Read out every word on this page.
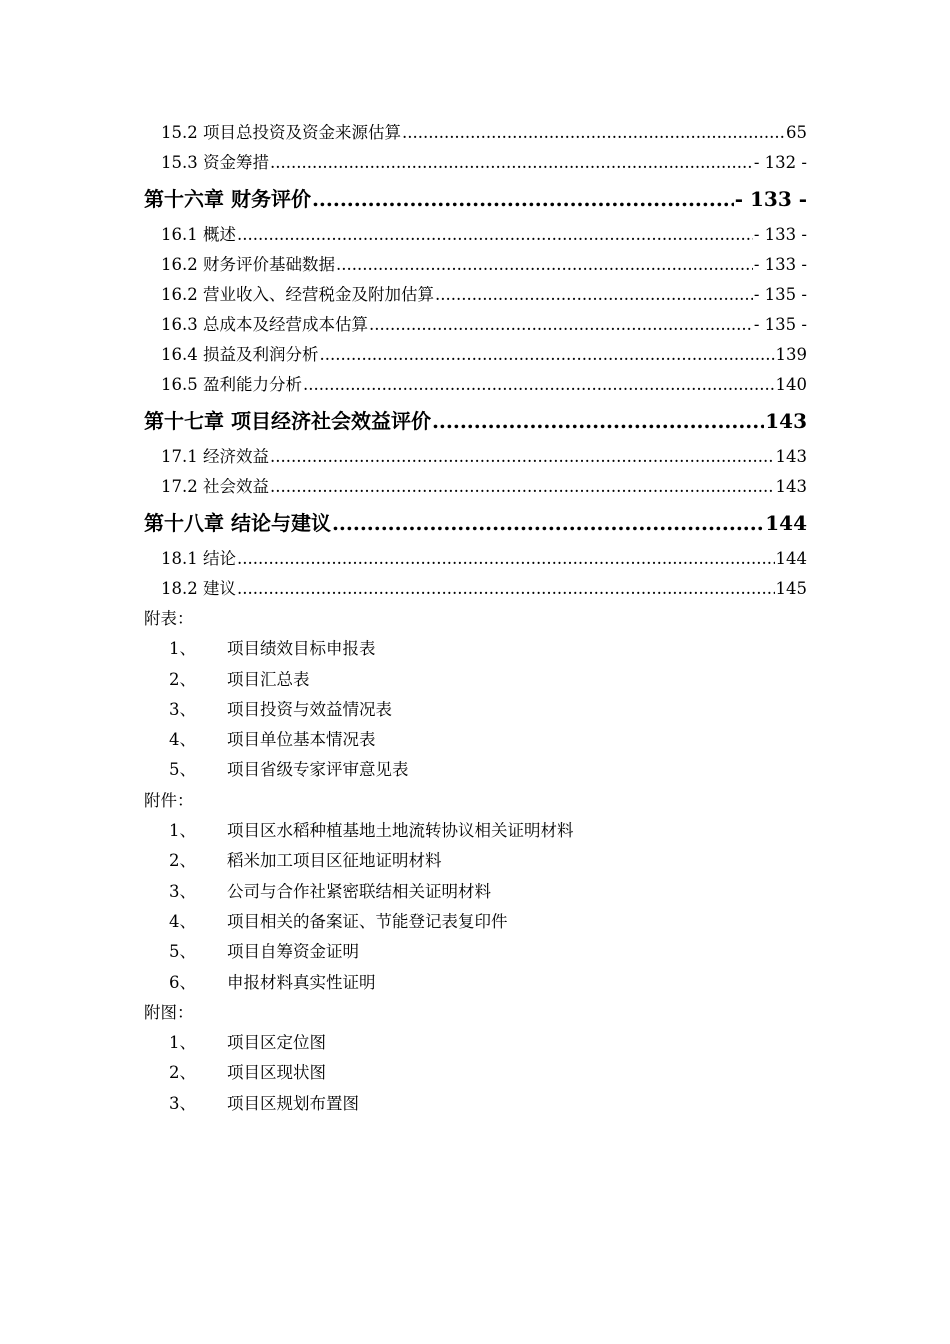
15.2 项目总投资及资金来源估算 .....	65
15.3 资金筹措 .....	- 132 -
第十六章 财务评价 .....	- 133 -
16.1 概述 .....	- 133 -
16.2 财务评价基础数据 .....	- 133 -
16.2 营业收入、经营税金及附加估算 .....	- 135 -
16.3 总成本及经营成本估算 .....	- 135 -
16.4 损益及利润分析 .....	139
16.5 盈利能力分析 .....	140
第十七章 项目经济社会效益评价 .....	143
17.1 经济效益 .....	143
17.2 社会效益 .....	143
第十八章 结论与建议 .....	144
18.1 结论 .....	144
18.2 建议 .....	145
附表：
1、 项目绩效目标申报表
2、 项目汇总表
3、 项目投资与效益情况表
4、 项目单位基本情况表
5、 项目省级专家评审意见表
附件：
1、 项目区水稻种植基地土地流转协议相关证明材料
2、 稻米加工项目区征地证明材料
3、 公司与合作社紧密联结相关证明材料
4、 项目相关的备案证、节能登记表复印件
5、 项目自筹资金证明
6、 申报材料真实性证明
附图：
1、 项目区定位图
2、 项目区现状图
3、 项目区规划布置图
